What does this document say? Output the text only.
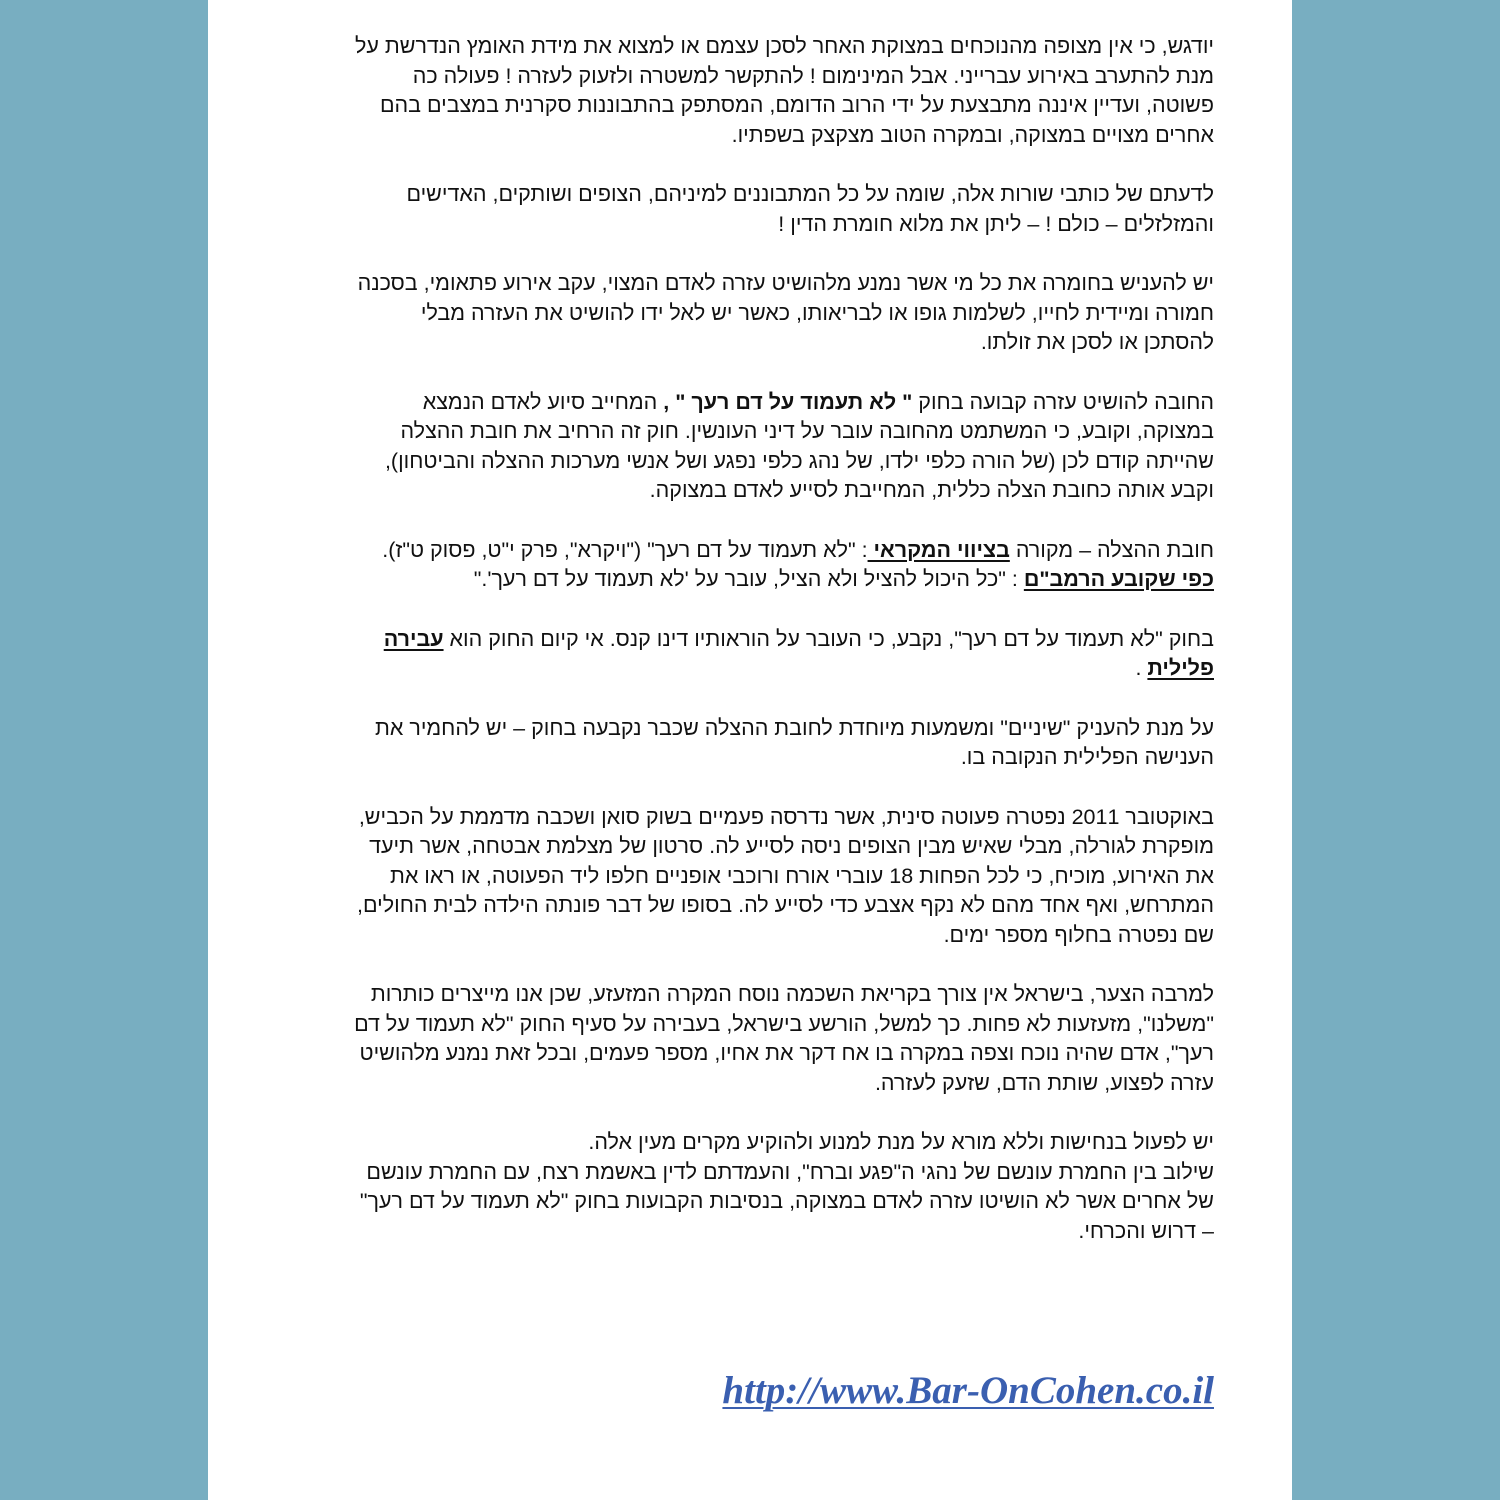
יודגש, כי אין מצופה מהנוכחים במצוקת האחר לסכן עצמם או למצוא את מידת האומץ הנדרשת על
מנת להתערב באירוע עברייני. אבל המינימום ! להתקשר למשטרה ולזעוק לעזרה ! פעולה כה
פשוטה, ועדיין איננה מתבצעת על ידי הרוב הדומם, המסתפק בהתבוננות סקרנית במצבים בהם
אחרים מצויים במצוקה, ובמקרה הטוב מצקצק בשפתיו.
לדעתם של כותבי שורות אלה, שומה על כל המתבוננים למיניהם, הצופים ושותקים, האדישים
והמזלזלים – כולם ! – ליתן את מלוא חומרת הדין !
יש להעניש בחומרה את כל מי אשר נמנע מלהושיט עזרה לאדם המצוי, עקב אירוע פתאומי, בסכנה
חמורה ומיידית לחייו, לשלמות גופו או לבריאותו, כאשר יש לאל ידו להושיט את העזרה מבלי
להסתכן או לסכן את זולתו.
החובה להושיט עזרה קבועה בחוק " לא תעמוד על דם רעך " , המחייב סיוע לאדם הנמצא
במצוקה, וקובע, כי המשתמט מהחובה עובר על דיני העונשין. חוק זה הרחיב את חובת ההצלה
שהייתה קודם לכן (של הורה כלפי ילדו, של נהג כלפי נפגע ושל אנשי מערכות ההצלה והביטחון),
וקבע אותה כחובת הצלה כללית, המחייבת לסייע לאדם במצוקה.
חובת ההצלה – מקורה בציווי המקראי : "לא תעמוד על דם רעך" ("ויקרא", פרק י"ט, פסוק ט"ז).
כפי שקובע הרמב"ם : "כל היכול להציל ולא הציל, עובר על 'לא תעמוד על דם רעך'."
בחוק "לא תעמוד על דם רעך", נקבע, כי העובר על הוראותיו דינו קנס. אי קיום החוק הוא עבירה
פלילית .
על מנת להעניק "שיניים" ומשמעות מיוחדת לחובת ההצלה שכבר נקבעה בחוק – יש להחמיר את
הענישה הפלילית הנקובה בו.
באוקטובר 2011 נפטרה פעוטה סינית, אשר נדרסה פעמיים בשוק סואן ושכבה מדממת על הכביש,
מופקרת לגורלה, מבלי שאיש מבין הצופים ניסה לסייע לה. סרטון של מצלמת אבטחה, אשר תיעד
את האירוע, מוכיח, כי לכל הפחות 18 עוברי אורח ורוכבי אופניים חלפו ליד הפעוטה, או ראו את
המתרחש, ואף אחד מהם לא נקף אצבע כדי לסייע לה. בסופו של דבר פונתה הילדה לבית החולים,
שם נפטרה בחלוף מספר ימים.
למרבה הצער, בישראל אין צורך בקריאת השכמה נוסח המקרה המזעזע, שכן אנו מייצרים כותרות
"משלנו", מזעזעות לא פחות. כך למשל, הורשע בישראל, בעבירה על סעיף החוק "לא תעמוד על דם
רעך", אדם שהיה נוכח וצפה במקרה בו אח דקר את אחיו, מספר פעמים, ובכל זאת נמנע מלהושיט
עזרה לפצוע, שותת הדם, שזעק לעזרה.
יש לפעול בנחישות וללא מורא על מנת למנוע ולהוקיע מקרים מעין אלה.
שילוב בין החמרת עונשם של נהגי ה"פגע וברח", והעמדתם לדין באשמת רצח, עם החמרת עונשם
של אחרים אשר לא הושיטו עזרה לאדם במצוקה, בנסיבות הקבועות בחוק "לא תעמוד על דם רעך"
– דרוש והכרחי.
http://www.Bar-OnCohen.co.il
